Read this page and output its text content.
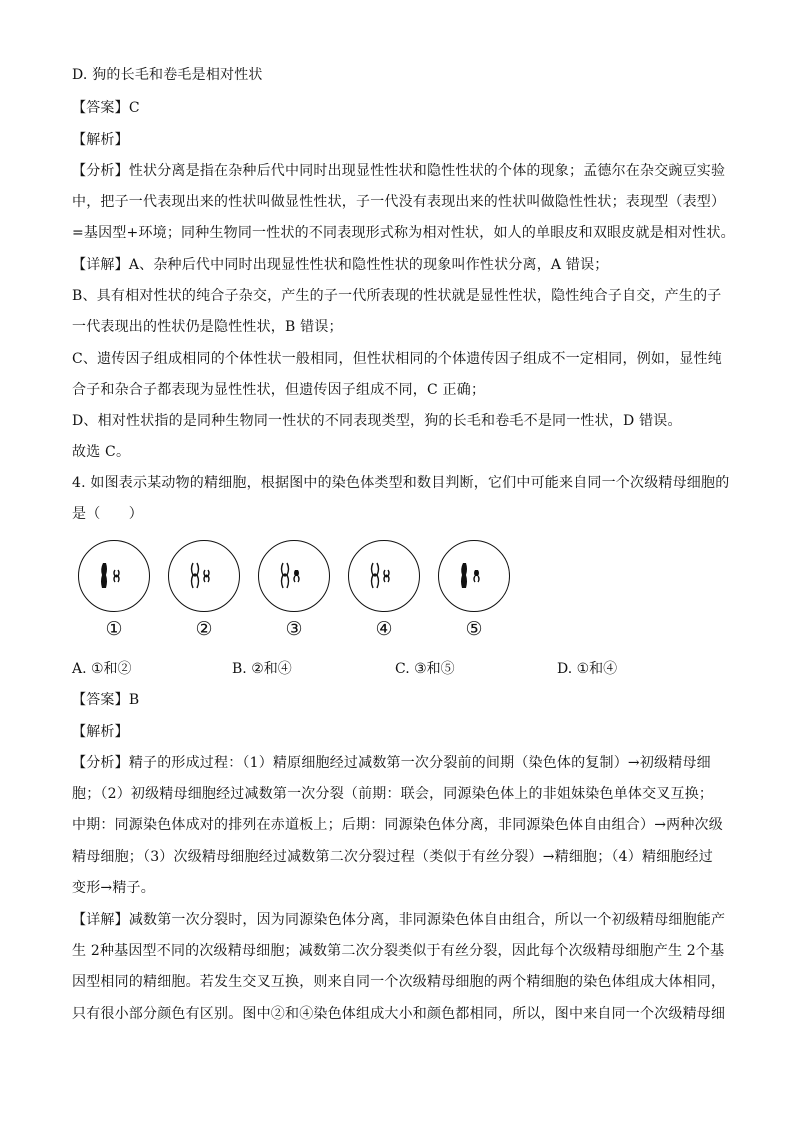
D. 狗的长毛和卷毛是相对性状
【答案】C
【解析】
【分析】性状分离是指在杂种后代中同时出现显性性状和隐性性状的个体的现象；孟德尔在杂交豌豆实验
中，把子一代表现出来的性状叫做显性性状，子一代没有表现出来的性状叫做隐性性状；表现型（表型）
=基因型+环境；同种生物同一性状的不同表现形式称为相对性状，如人的单眼皮和双眼皮就是相对性状。
【详解】A、杂种后代中同时出现显性性状和隐性性状的现象叫作性状分离，A 错误；
B、具有相对性状的纯合子杂交，产生的子一代所表现的性状就是显性性状，隐性纯合子自交，产生的子
一代表现出的性状仍是隐性性状，B 错误；
C、遗传因子组成相同的个体性状一般相同，但性状相同的个体遗传因子组成不一定相同，例如，显性纯
合子和杂合子都表现为显性性状，但遗传因子组成不同，C 正确；
D、相对性状指的是同种生物同一性状的不同表现类型，狗的长毛和卷毛不是同一性状，D 错误。
故选 C。
4. 如图表示某动物的精细胞，根据图中的染色体类型和数目判断，它们中可能来自同一个次级精母细胞的
是（　　）
①	②	③	④	⑤
A. ①和②	B. ②和④	C. ③和⑤	D. ①和④
【答案】B
【解析】
【分析】精子的形成过程：（1）精原细胞经过减数第一次分裂前的间期（染色体的复制）→初级精母细
胞；（2）初级精母细胞经过减数第一次分裂（前期：联会，同源染色体上的非姐妹染色单体交叉互换；
中期：同源染色体成对的排列在赤道板上；后期：同源染色体分离，非同源染色体自由组合）→两种次级
精母细胞；（3）次级精母细胞经过减数第二次分裂过程（类似于有丝分裂）→精细胞；（4）精细胞经过
变形→精子。
【详解】减数第一次分裂时，因为同源染色体分离，非同源染色体自由组合，所以一个初级精母细胞能产
生 2种基因型不同的次级精母细胞；减数第二次分裂类似于有丝分裂，因此每个次级精母细胞产生 2个基
因型相同的精细胞。若发生交叉互换，则来自同一个次级精母细胞的两个精细胞的染色体组成大体相同，
只有很小部分颜色有区别。图中②和④染色体组成大小和颜色都相同，所以，图中来自同一个次级精母细
